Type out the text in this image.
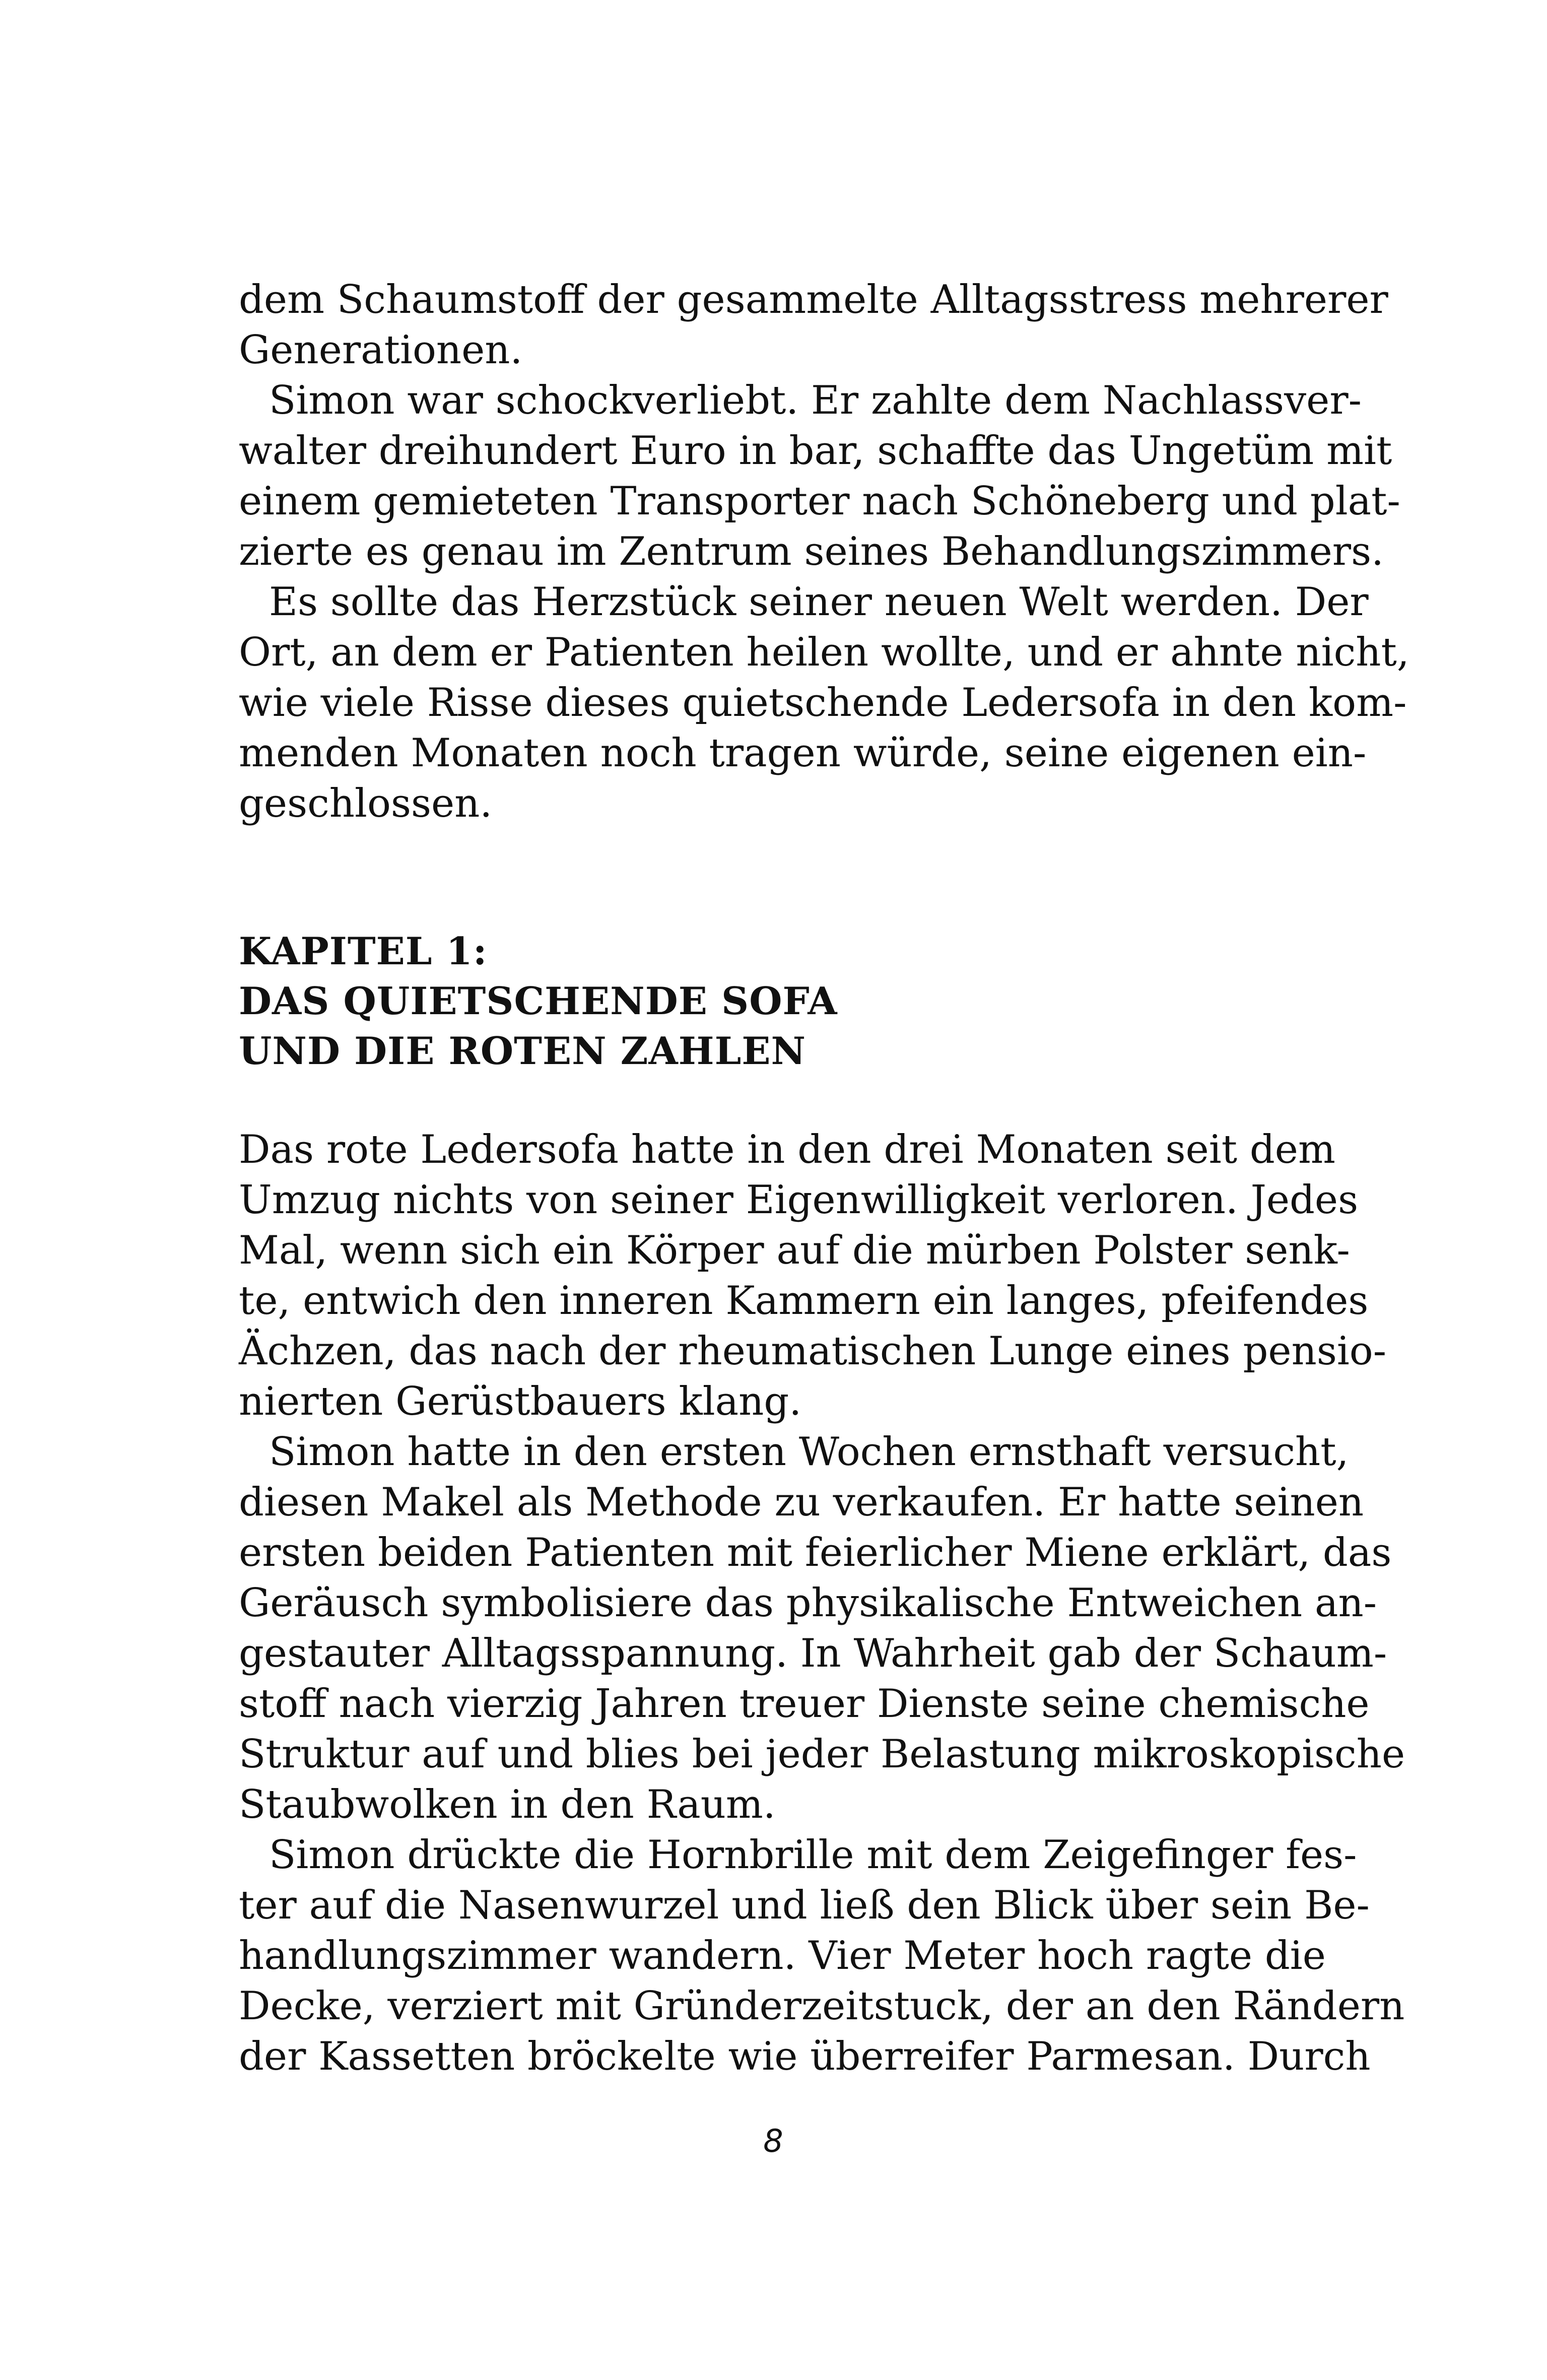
dem Schaumstoff der gesammelte Alltagsstress mehrerer

Generationen.

Simon war schockverliebt. Er zahlte dem Nachlassver-

walter dreihundert Euro in bar, schaffte das Ungetüm mit

einem gemieteten Transporter nach Schöneberg und plat-

zierte es genau im Zentrum seines Behandlungszimmers.

Es sollte das Herzstück seiner neuen Welt werden. Der

Ort, an dem er Patienten heilen wollte, und er ahnte nicht,

wie viele Risse dieses quietschende Ledersofa in den kom-

menden Monaten noch tragen würde, seine eigenen ein-

geschlossen.

KAPITEL 1:

DAS QUIETSCHENDE SOFA

UND DIE ROTEN ZAHLEN

Das rote Ledersofa hatte in den drei Monaten seit dem

Umzug nichts von seiner Eigenwilligkeit verloren. Jedes

Mal, wenn sich ein Körper auf die mürben Polster senk-

te, entwich den inneren Kammern ein langes, pfeifendes

Ächzen, das nach der rheumatischen Lunge eines pensio-

nierten Gerüstbauers klang.

Simon hatte in den ersten Wochen ernsthaft versucht,

diesen Makel als Methode zu verkaufen. Er hatte seinen

ersten beiden Patienten mit feierlicher Miene erklärt, das

Geräusch symbolisiere das physikalische Entweichen an-

gestauter Alltagsspannung. In Wahrheit gab der Schaum-

stoff nach vierzig Jahren treuer Dienste seine chemische

Struktur auf und blies bei jeder Belastung mikroskopische

Staubwolken in den Raum.

Simon drückte die Hornbrille mit dem Zeigefinger fes-

ter auf die Nasenwurzel und ließ den Blick über sein Be-

handlungszimmer wandern. Vier Meter hoch ragte die

Decke, verziert mit Gründerzeitstuck, der an den Rändern

der Kassetten bröckelte wie überreifer Parmesan. Durch

8
